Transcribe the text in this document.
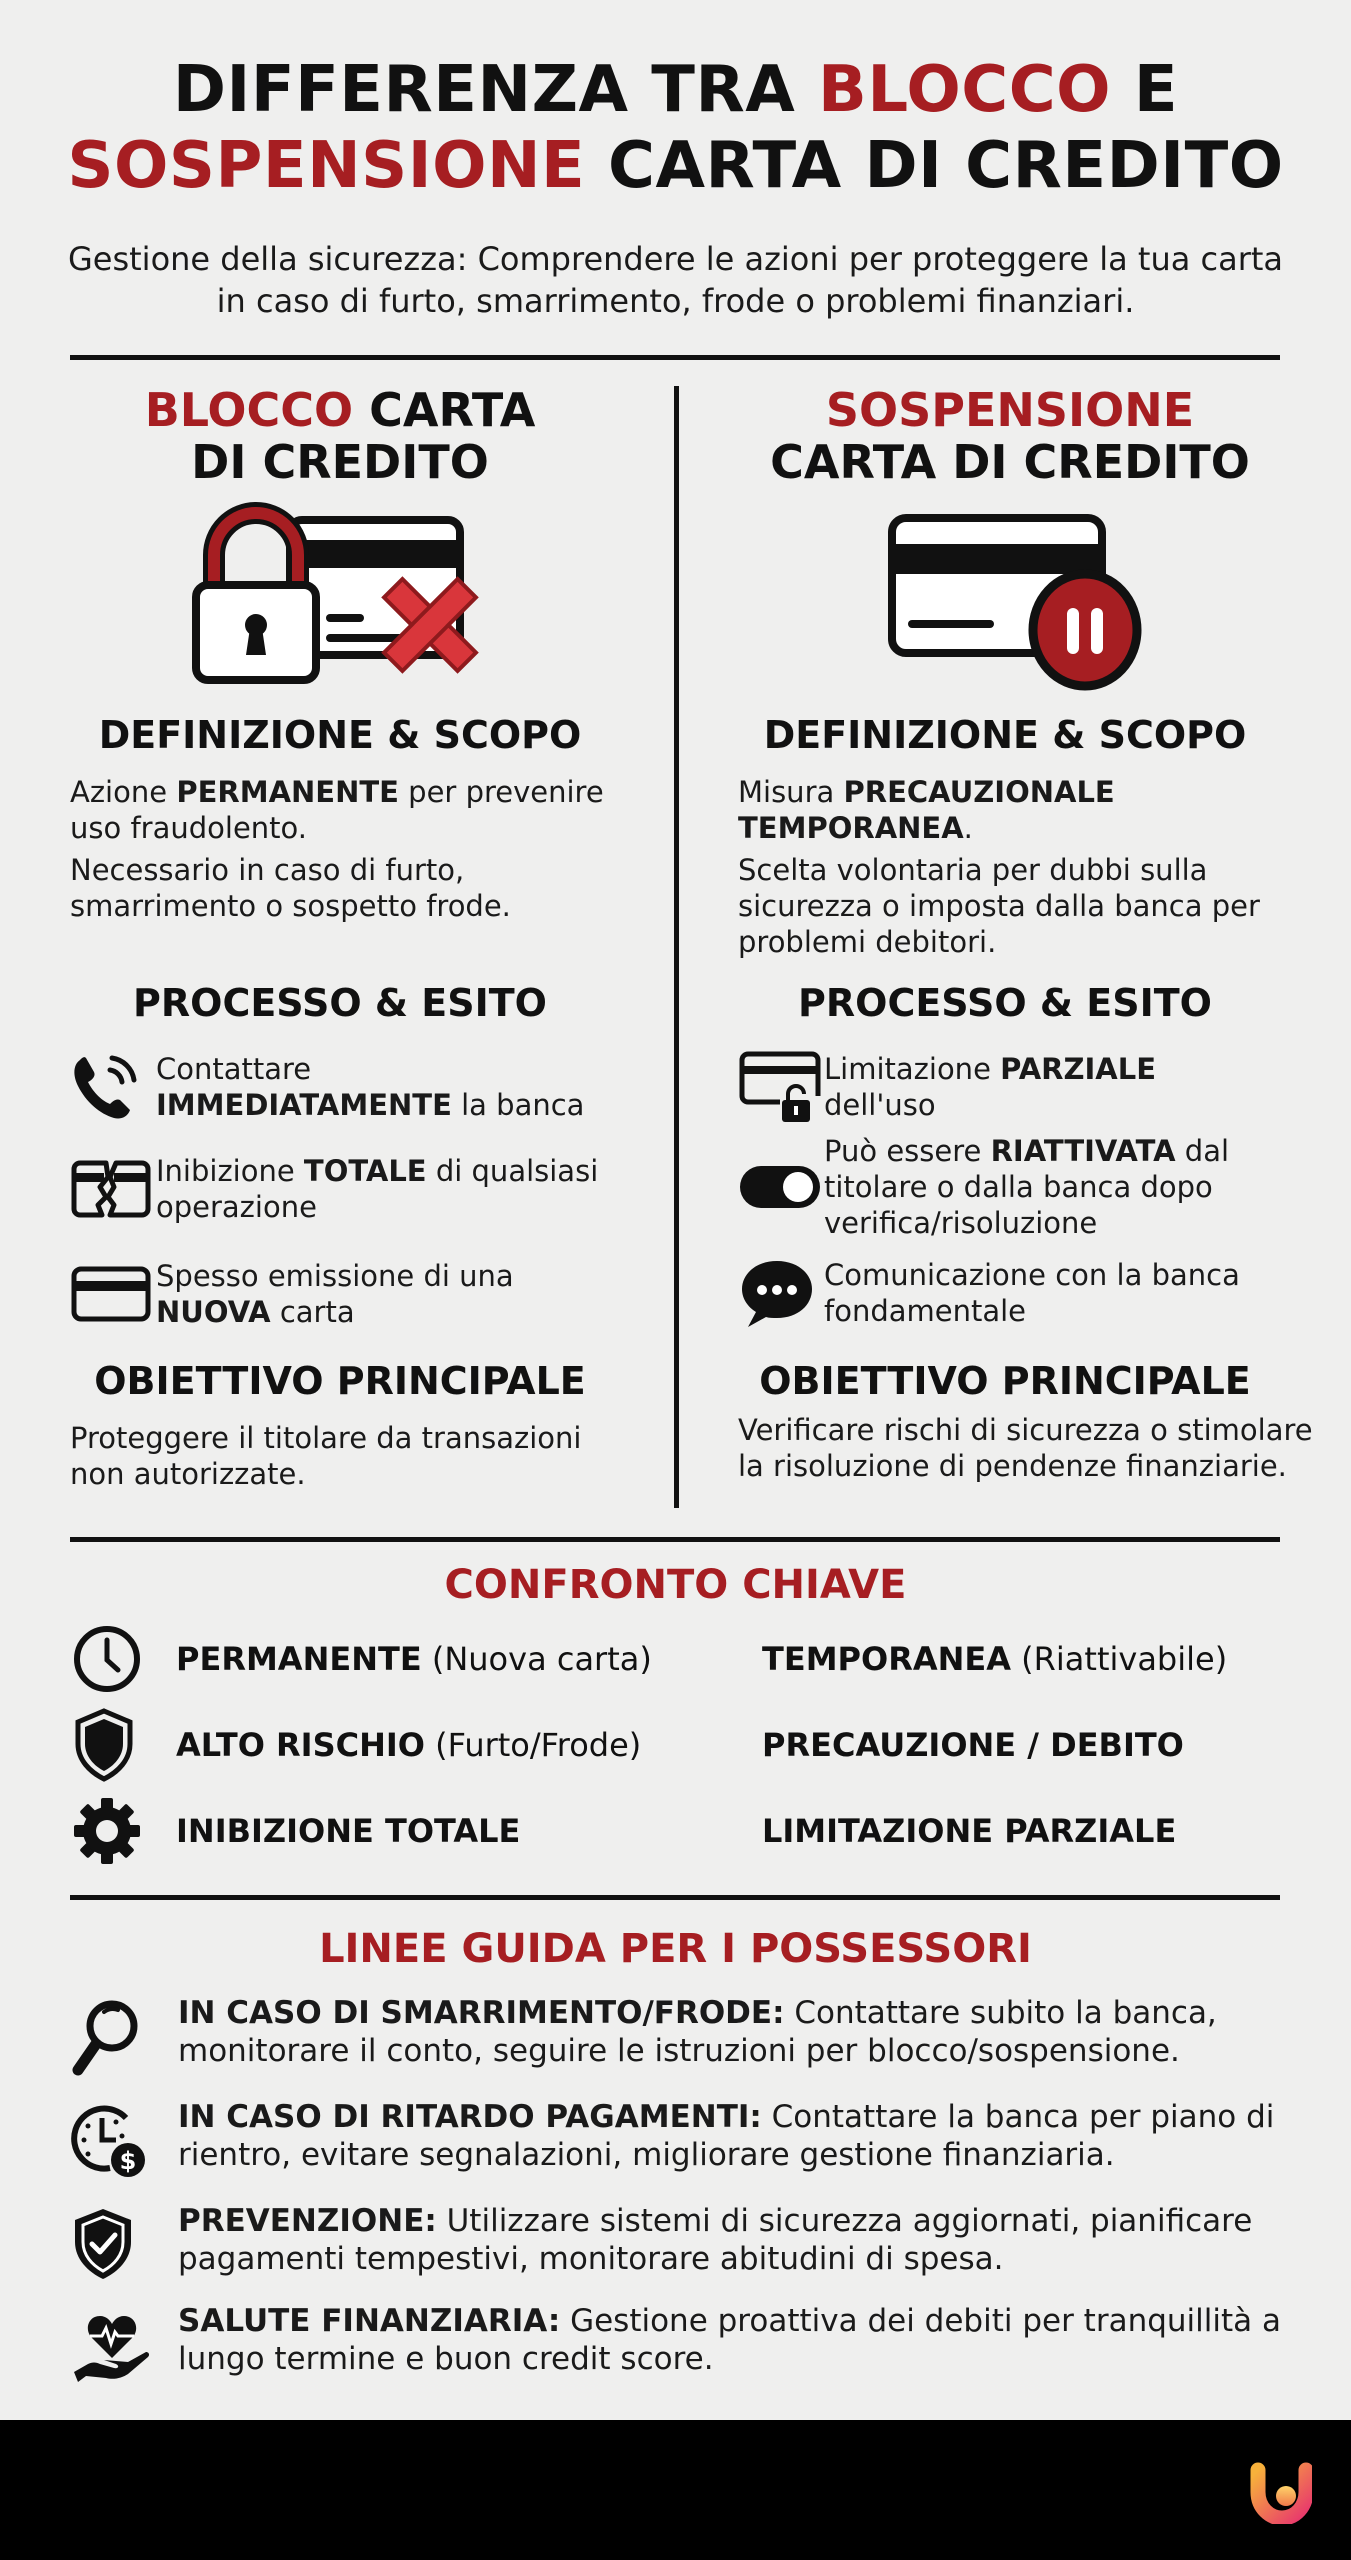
DIFFERENZA TRA BLOCCO E
SOSPENSIONE CARTA DI CREDITO
Gestione della sicurezza: Comprendere le azioni per proteggere la tua carta in caso di furto, smarrimento, frode o problemi finanziari.
BLOCCO CARTA
DI CREDITO
DEFINIZIONE & SCOPO

Azione PERMANENTE per prevenire uso fraudolento.

Necessario in caso di furto, smarrimento o sospetto frode.

PROCESSO & ESITO
Contattare
IMMEDIATAMENTE la banca
Inibizione TOTALE di qualsiasi operazione
Spesso emissione di una
NUOVA carta
OBIETTIVO PRINCIPALE
Proteggere il titolare da transazioni non autorizzate.
SOSPENSIONE
CARTA DI CREDITO
DEFINIZIONE & SCOPO

Misura PRECAUZIONALE TEMPORANEA.

Scelta volontaria per dubbi sulla sicurezza o imposta dalla banca per problemi debitori.

PROCESSO & ESITO
Limitazione PARZIALE
dell'uso
Può essere RIATTIVATA dal titolare o dalla banca dopo verifica/risoluzione
Comunicazione con la banca fondamentale
OBIETTIVO PRINCIPALE
Verificare rischi di sicurezza o stimolare la risoluzione di pendenze finanziarie.
CONFRONTO CHIAVE
PERMANENTE (Nuova carta)	TEMPORANEA (Riattivabile)
ALTO RISCHIO (Furto/Frode)	PRECAUZIONE / DEBITO
INIBIZIONE TOTALE	LIMITAZIONE PARZIALE
LINEE GUIDA PER I POSSESSORI
IN CASO DI SMARRIMENTO/FRODE: Contattare subito la banca, monitorare il conto, seguire le istruzioni per blocco/sospensione.
$
IN CASO DI RITARDO PAGAMENTI: Contattare la banca per piano di rientro, evitare segnalazioni, migliorare gestione finanziaria.
PREVENZIONE: Utilizzare sistemi di sicurezza aggiornati, pianificare pagamenti tempestivi, monitorare abitudini di spesa.
SALUTE FINANZIARIA: Gestione proattiva dei debiti per tranquillità a lungo termine e buon credit score.
